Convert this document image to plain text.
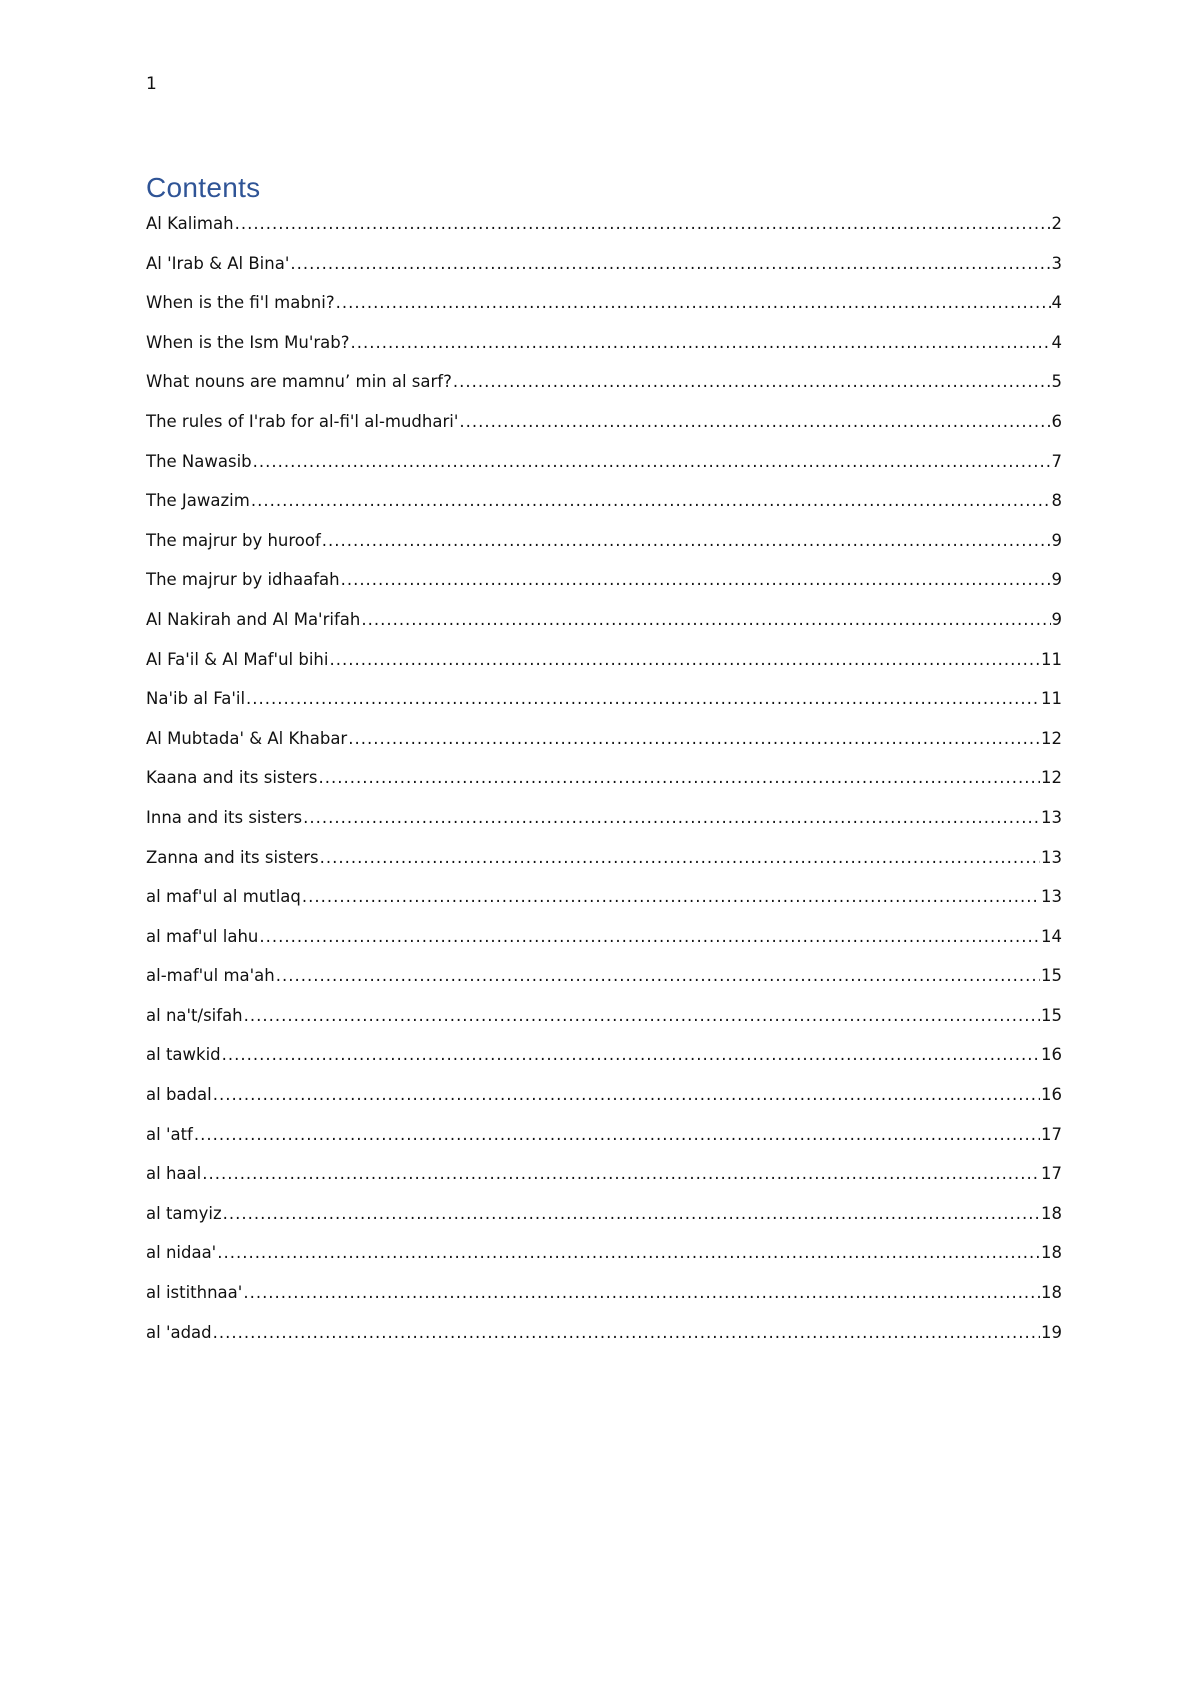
1
Contents
Al Kalimah .....	2
Al 'Irab & Al Bina' .....	3
When is the fi'l mabni? .....	4
When is the Ism Mu'rab? .....	4
What nouns are mamnu’ min al sarf? .....	5
The rules of I'rab for al-fi'l al-mudhari' .....	6
The Nawasib .....	7
The Jawazim .....	8
The majrur by huroof .....	9
The majrur by idhaafah .....	9
Al Nakirah and Al Ma'rifah .....	9
Al Fa'il & Al Maf'ul bihi .....	11
Na'ib al Fa'il .....	11
Al Mubtada' & Al Khabar .....	12
Kaana and its sisters .....	12
Inna and its sisters .....	13
Zanna and its sisters .....	13
al maf'ul al mutlaq .....	13
al maf'ul lahu .....	14
al-maf'ul ma'ah .....	15
al na't/sifah .....	15
al tawkid .....	16
al badal .....	16
al 'atf .....	17
al haal .....	17
al tamyiz .....	18
al nidaa' .....	18
al istithnaa' .....	18
al 'adad .....	19
